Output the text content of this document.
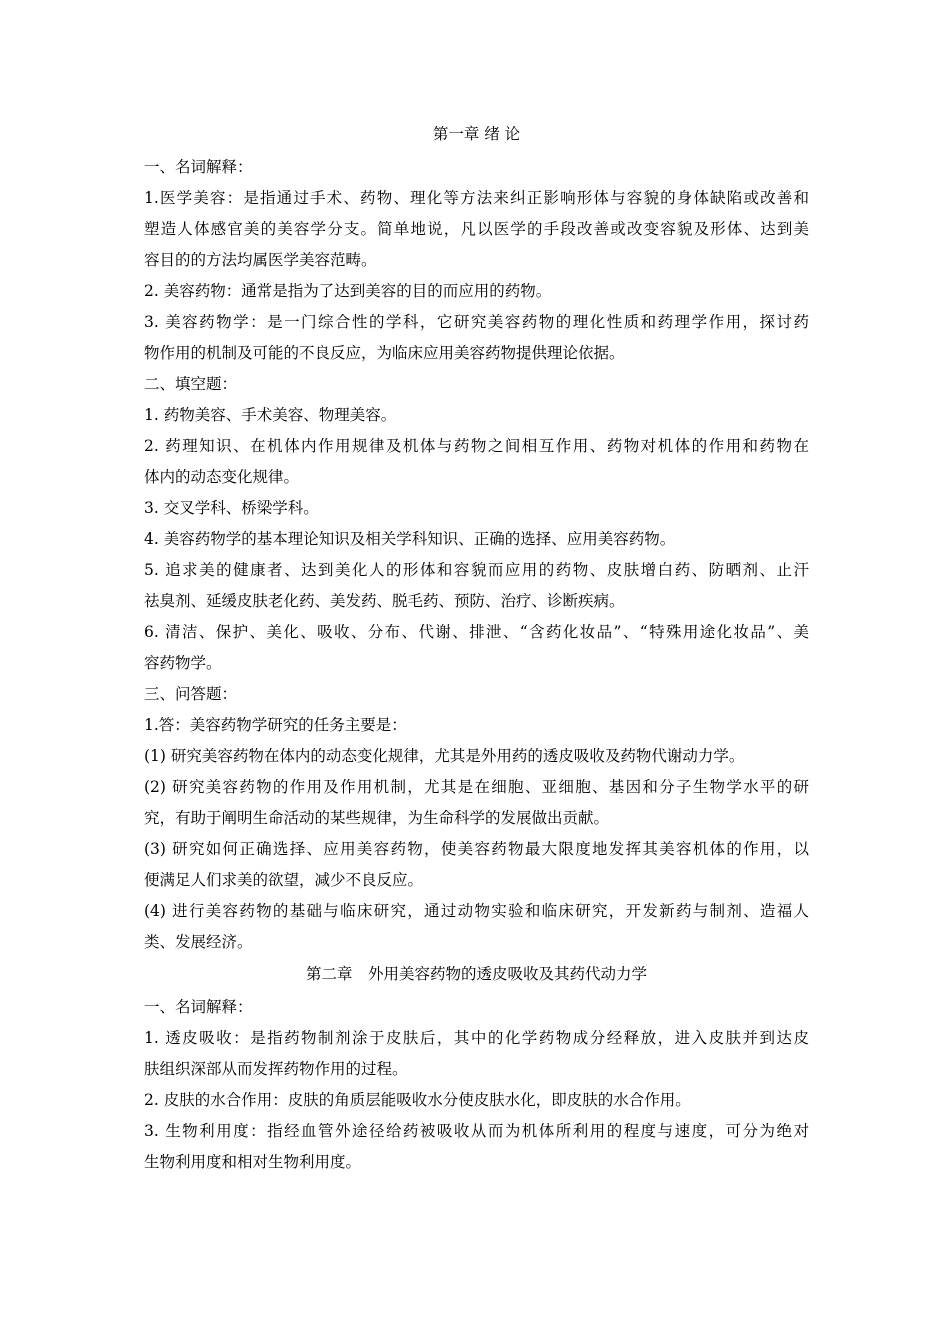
第一章 绪 论
一、名词解释：
1.医学美容：是指通过手术、药物、理化等方法来纠正影响形体与容貌的身体缺陷或改善和
塑造人体感官美的美容学分支。简单地说，凡以医学的手段改善或改变容貌及形体、达到美
容目的的方法均属医学美容范畴。
2. 美容药物：通常是指为了达到美容的目的而应用的药物。
3. 美容药物学：是一门综合性的学科，它研究美容药物的理化性质和药理学作用，探讨药
物作用的机制及可能的不良反应，为临床应用美容药物提供理论依据。
二、填空题：
1. 药物美容、手术美容、物理美容。
2. 药理知识、在机体内作用规律及机体与药物之间相互作用、药物对机体的作用和药物在
体内的动态变化规律。
3. 交叉学科、桥梁学科。
4. 美容药物学的基本理论知识及相关学科知识、正确的选择、应用美容药物。
5. 追求美的健康者、达到美化人的形体和容貌而应用的药物、皮肤增白药、防晒剂、止汗
祛臭剂、延缓皮肤老化药、美发药、脱毛药、预防、治疗、诊断疾病。
6. 清洁、保护、美化、吸收、分布、代谢、排泄、“含药化妆品”、“特殊用途化妆品”、美
容药物学。
三、问答题：
1.答：美容药物学研究的任务主要是：
(1) 研究美容药物在体内的动态变化规律，尤其是外用药的透皮吸收及药物代谢动力学。
(2) 研究美容药物的作用及作用机制，尤其是在细胞、亚细胞、基因和分子生物学水平的研
究，有助于阐明生命活动的某些规律，为生命科学的发展做出贡献。
(3) 研究如何正确选择、应用美容药物，使美容药物最大限度地发挥其美容机体的作用，以
便满足人们求美的欲望，减少不良反应。
(4) 进行美容药物的基础与临床研究，通过动物实验和临床研究，开发新药与制剂、造福人
类、发展经济。
第二章　外用美容药物的透皮吸收及其药代动力学
一、名词解释：
1. 透皮吸收：是指药物制剂涂于皮肤后，其中的化学药物成分经释放，进入皮肤并到达皮
肤组织深部从而发挥药物作用的过程。
2. 皮肤的水合作用：皮肤的角质层能吸收水分使皮肤水化，即皮肤的水合作用。
3. 生物利用度：指经血管外途径给药被吸收从而为机体所利用的程度与速度，可分为绝对
生物利用度和相对生物利用度。
